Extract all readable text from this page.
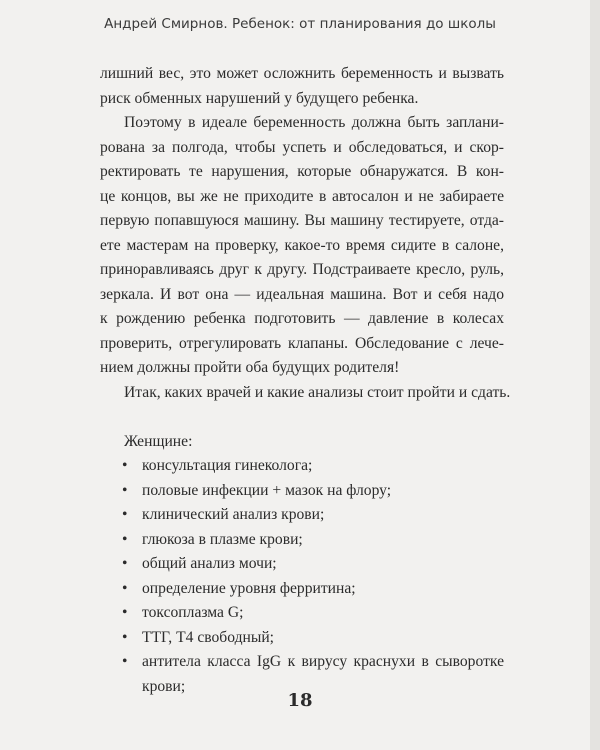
Андрей Смирнов. Ребенок: от планирования до школы
лишний вес, это может осложнить беременность и вызвать
риск обменных нарушений у будущего ребенка.
Поэтому в идеале беременность должна быть заплани-
рована за полгода, чтобы успеть и обследоваться, и скор-
ректировать те нарушения, которые обнаружатся. В кон-
це концов, вы же не приходите в автосалон и не забираете
первую попавшуюся машину. Вы машину тестируете, отда-
ете мастерам на проверку, какое-то время сидите в салоне,
приноравливаясь друг к другу. Подстраиваете кресло, руль,
зеркала. И вот она — идеальная машина. Вот и себя надо
к рождению ребенка подготовить — давление в колесах
проверить, отрегулировать клапаны. Обследование с лече-
нием должны пройти оба будущих родителя!
Итак, каких врачей и какие анализы стоит пройти и сдать.
Женщине:
• консультация гинеколога;
• половые инфекции + мазок на флору;
• клинический анализ крови;
• глюкоза в плазме крови;
• общий анализ мочи;
• определение уровня ферритина;
• токсоплазма G;
• ТТГ, Т4 свободный;
• антитела класса IgG к вирусу краснухи в сыворотке
крови;
18
